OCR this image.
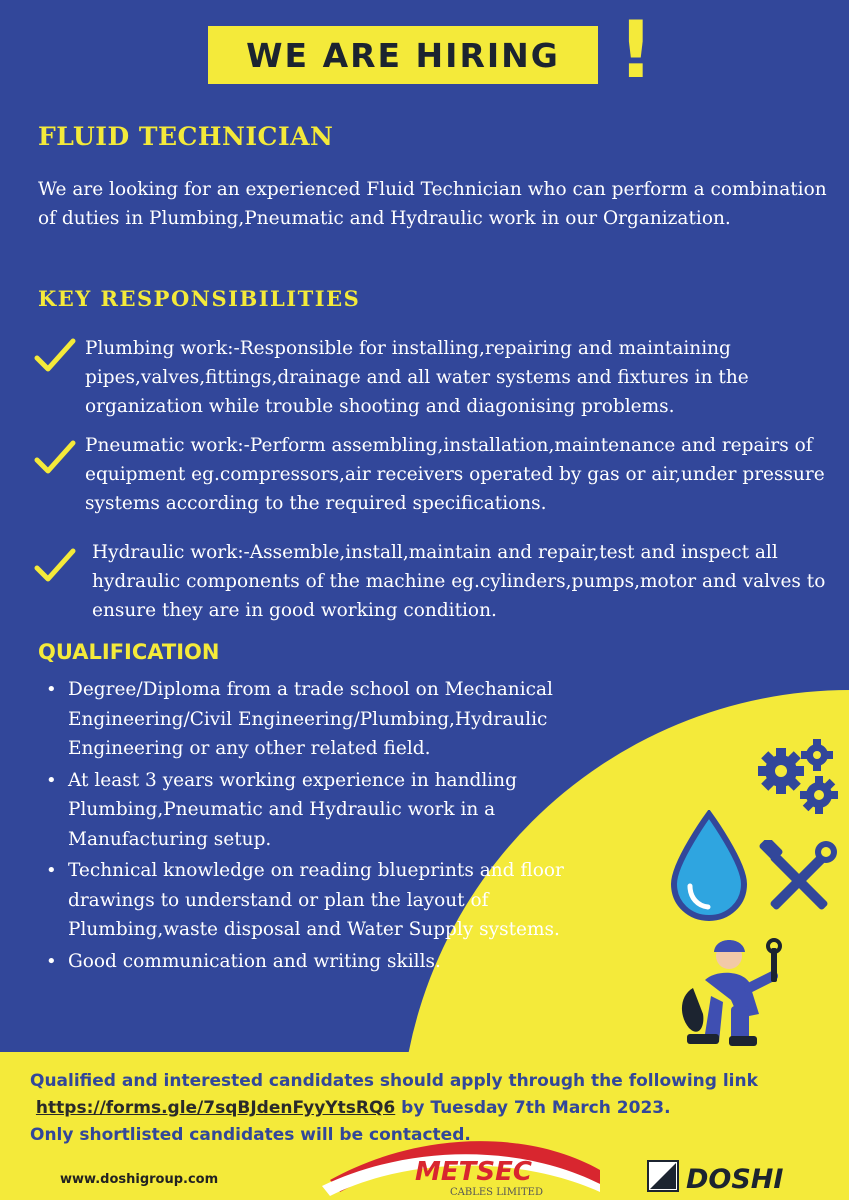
WE ARE HIRING !
FLUID TECHNICIAN

We are looking for an experienced Fluid Technician who can perform a combination of duties in Plumbing,Pneumatic and Hydraulic work in our Organization.

KEY RESPONSIBILITIES

Plumbing work:-Responsible for installing,repairing and maintaining pipes,valves,fittings,drainage and all water systems and fixtures in the organization while trouble shooting and diagonising problems.

Pneumatic work:-Perform assembling,installation,maintenance and repairs of equipment eg.compressors,air receivers operated by gas or air,under pressure systems according to the required specifications.

Hydraulic work:-Assemble,install,maintain and repair,test and inspect all hydraulic components of the machine eg.cylinders,pumps,motor and valves to ensure they are in good working condition.

QUALIFICATION
• Degree/Diploma from a trade school on Mechanical Engineering/Civil Engineering/Plumbing,Hydraulic Engineering or any other related field.
• At least 3 years working experience in handling Plumbing,Pneumatic and Hydraulic work in a Manufacturing setup.
• Technical knowledge on reading blueprints and floor drawings to understand or plan the layout of Plumbing,waste disposal and Water Supply systems.
• Good communication and writing skills.

Qualified and interested candidates should apply through the following link
https://forms.gle/7sqBJdenFyyYtsRQ6 by Tuesday 7th March 2023.
Only shortlisted candidates will be contacted.

www.doshigroup.com	METSEC
CABLES LIMITED	DOSHI
